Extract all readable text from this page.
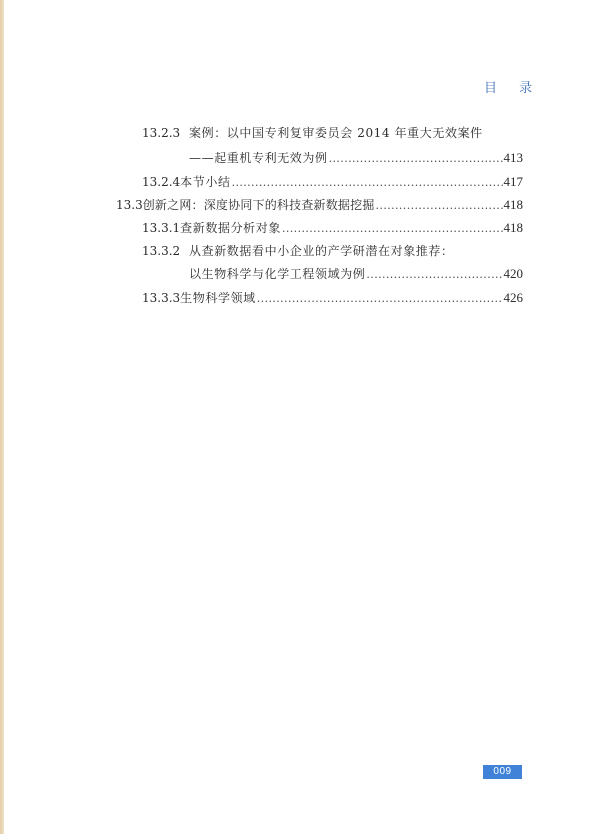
目 录
13.2.3 案例：以中国专利复审委员会 2014 年重大无效案件
——起重机专利无效为例 .....	413
13.2.4 本节小结 .....	417
13.3 创新之网：深度协同下的科技查新数据挖掘 .....	418
13.3.1 查新数据分析对象 .....	418
13.3.2 从查新数据看中小企业的产学研潜在对象推荐：
以生物科学与化学工程领域为例 .....	420
13.3.3 生物科学领域 .....	426
009
